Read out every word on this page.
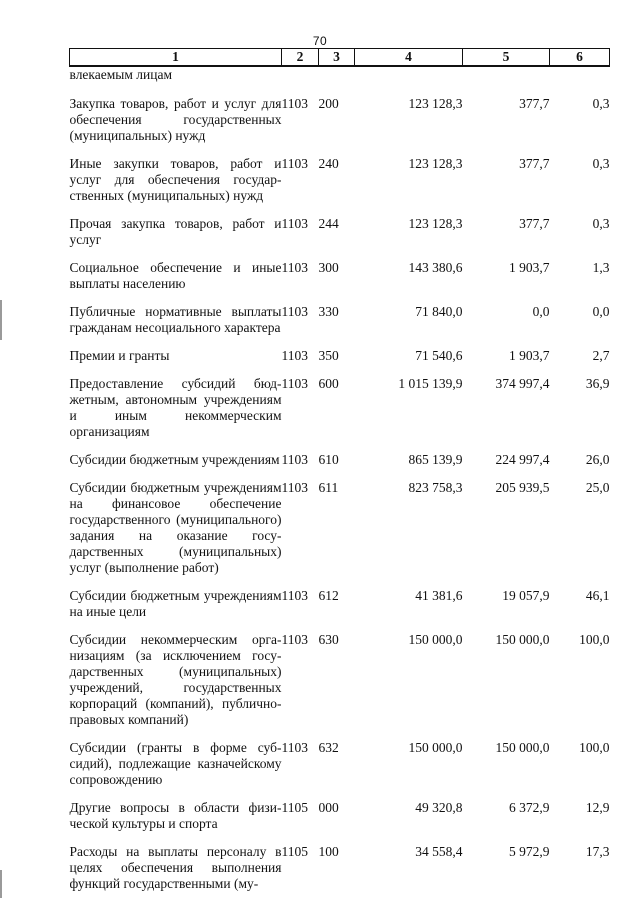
70
1	2	3	4	5	6
влекаемым лицам					
Закупка товаров, работ и услуг для обеспечения государственных (муниципальных) нужд	1103	200	123 128,3	377,7	0,3
Иные закупки товаров, работ и услуг для обеспечения государственных (муниципальных) нужд	1103	240	123 128,3	377,7	0,3
Прочая закупка товаров, работ и услуг	1103	244	123 128,3	377,7	0,3
Социальное обеспечение и иные выплаты населению	1103	300	143 380,6	1 903,7	1,3
Публичные нормативные выплаты гражданам несоциального характера	1103	330	71 840,0	0,0	0,0
Премии и гранты	1103	350	71 540,6	1 903,7	2,7
Предоставление субсидий бюджетным, автономным учреждениям и иным некоммерческим организациям	1103	600	1 015 139,9	374 997,4	36,9
Субсидии бюджетным учреждениям	1103	610	865 139,9	224 997,4	26,0
Субсидии бюджетным учреждениям на финансовое обеспечение государственного (муниципального) задания на оказание государственных (муниципальных) услуг (выполнение работ)	1103	611	823 758,3	205 939,5	25,0
Субсидии бюджетным учреждениям на иные цели	1103	612	41 381,6	19 057,9	46,1
Субсидии некоммерческим организациям (за исключением государственных (муниципальных) учреждений, государственных корпораций (компаний), публично-правовых компаний)	1103	630	150 000,0	150 000,0	100,0
Субсидии (гранты в форме субсидий), подлежащие казначейскому сопровождению	1103	632	150 000,0	150 000,0	100,0
Другие вопросы в области физической культуры и спорта	1105	000	49 320,8	6 372,9	12,9
Расходы на выплаты персоналу в целях обеспечения выполнения функций государственными (му-	1105	100	34 558,4	5 972,9	17,3
